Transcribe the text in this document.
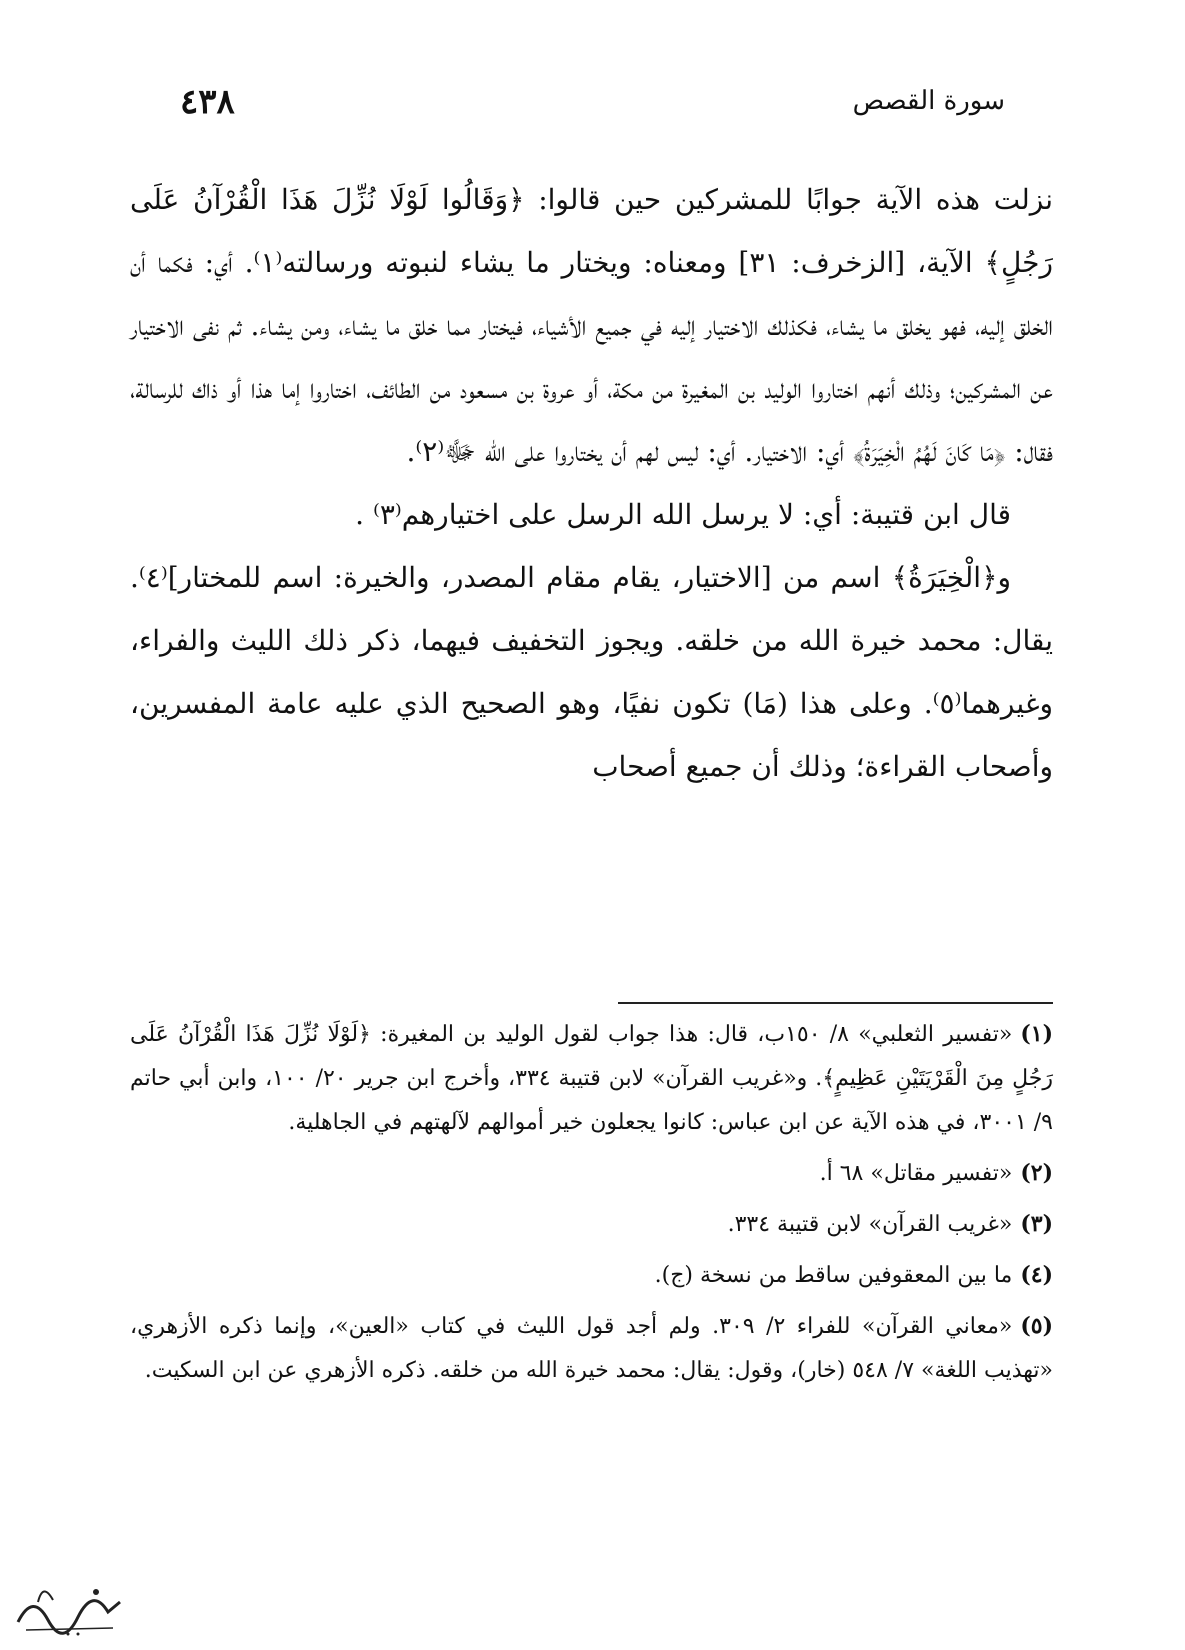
٤٣٨	سورة القصص

نزلت هذه الآية جوابًا للمشركين حين قالوا: ﴿وَقَالُوا لَوْلَا نُزِّلَ هَذَا الْقُرْآنُ عَلَى رَجُلٍ﴾ الآية، [الزخرف: ٣١] ومعناه: ويختار ما يشاء لنبوته ورسالته⁽١⁾. أي: فكما أن الخلق إليه، فهو يخلق ما يشاء، فكذلك الاختيار إليه في جميع الأشياء، فيختار مما خلق ما يشاء، ومن يشاء. ثم نفى الاختيار عن المشركين؛ وذلك أنهم اختاروا الوليد بن المغيرة من مكة، أو عروة بن مسعود من الطائف، اختاروا إما هذا أو ذاك للرسالة، فقال: ﴿مَا كَانَ لَهُمُ الْخِيَرَةُ﴾ أي: الاختيار. أي: ليس لهم أن يختاروا على الله ﷻ⁽٢⁾.

قال ابن قتيبة: أي: لا يرسل الله الرسل على اختيارهم⁽٣⁾ .

و﴿الْخِيَرَةُ﴾ اسم من [الاختيار، يقام مقام المصدر، والخيرة: اسم للمختار]⁽٤⁾. يقال: محمد خيرة الله من خلقه. ويجوز التخفيف فيهما، ذكر ذلك الليث والفراء، وغيرهما⁽٥⁾. وعلى هذا (مَا) تكون نفيًا، وهو الصحيح الذي عليه عامة المفسرين، وأصحاب القراءة؛ وذلك أن جميع أصحاب

(١)«تفسير الثعلبي» ٨/ ١٥٠ب، قال: هذا جواب لقول الوليد بن المغيرة: ﴿لَوْلَا نُزِّلَ هَذَا الْقُرْآنُ عَلَى رَجُلٍ مِنَ الْقَرْيَتَيْنِ عَظِيمٍ﴾. و«غريب القرآن» لابن قتيبة ٣٣٤، وأخرج ابن جرير ٢٠/ ١٠٠، وابن أبي حاتم ٩/ ٣٠٠١، في هذه الآية عن ابن عباس: كانوا يجعلون خير أموالهم لآلهتهم في الجاهلية.

(٢)«تفسير مقاتل» ٦٨ أ.

(٣)«غريب القرآن» لابن قتيبة ٣٣٤.

(٤)ما بين المعقوفين ساقط من نسخة (ج).

(٥)«معاني القرآن» للفراء ٢/ ٣٠٩. ولم أجد قول الليث في كتاب «العين»، وإنما ذكره الأزهري، «تهذيب اللغة» ٧/ ٥٤٨ (خار)، وقول: يقال: محمد خيرة الله من خلقه. ذكره الأزهري عن ابن السكيت.
